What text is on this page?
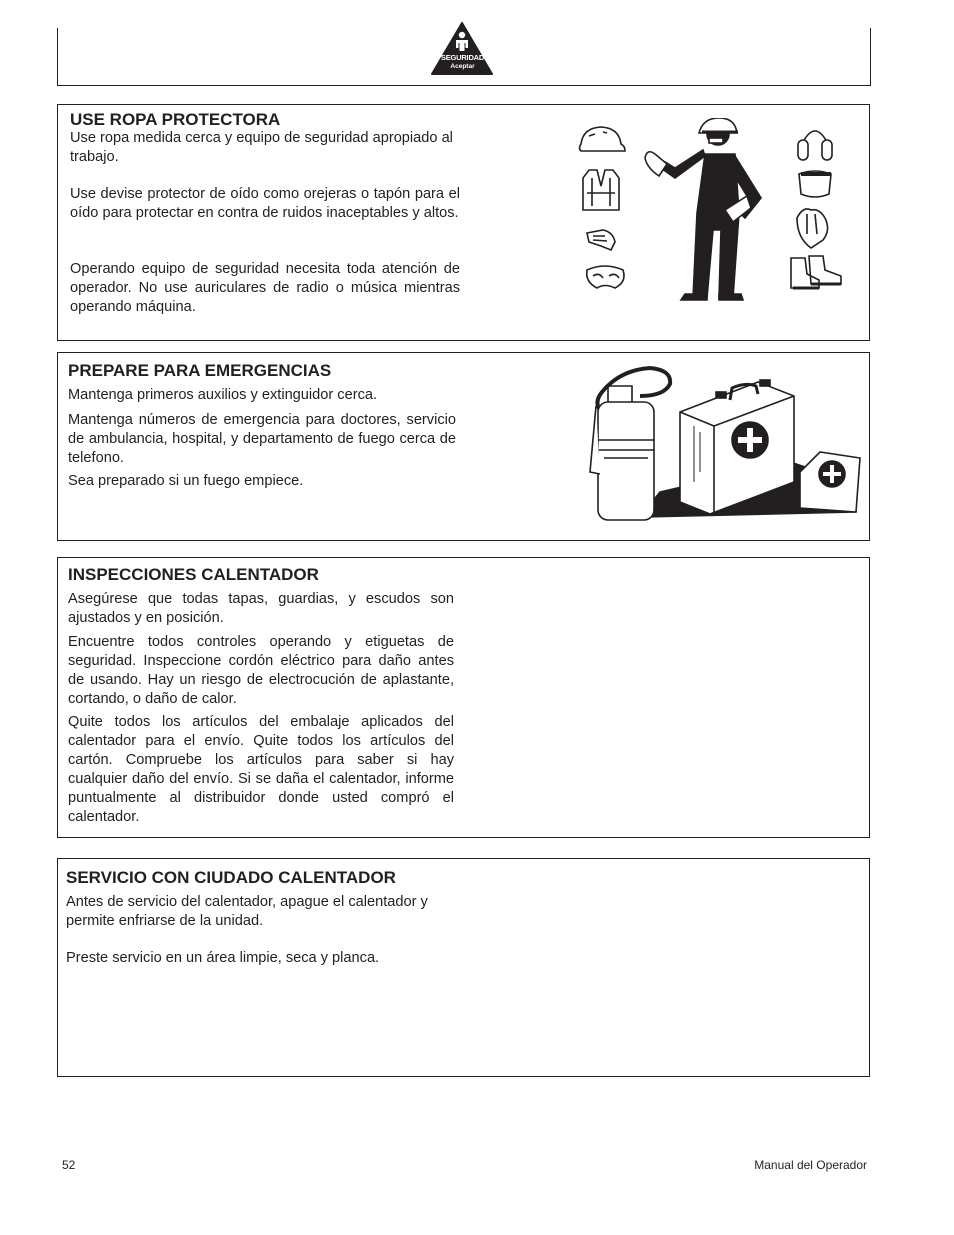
SEGURIDAD
Aceptar
USE ROPA PROTECTORA

Use ropa medida cerca y equipo de seguridad apropiado al trabajo.

Use devise protector de oído como orejeras o tapón para el oído para protectar en contra de ruidos inaceptables y altos.

Operando equipo de seguridad necesita toda atención de operador. No use auriculares de radio o música mientras operando máquina.

PREPARE PARA EMERGENCIAS

Mantenga primeros auxilios y extinguidor cerca.

Mantenga números de emergencia para doctores, servicio de ambulancia, hospital, y departamento de fuego cerca de telefono.

Sea preparado si un fuego empiece.

INSPECCIONES CALENTADOR

Asegúrese que todas tapas, guardias, y escudos son ajustados y en posición.

Encuentre todos controles operando y etiguetas de seguridad. Inspeccione cordón eléctrico para daño antes de usando. Hay un riesgo de electrocución de aplastante, cortando, o daño de calor.

Quite todos los artículos del embalaje aplicados del calentador para el envío. Quite todos los artículos del cartón. Compruebe los artículos para saber si hay cualquier daño del envío. Si se daña el calentador, informe puntualmente al distribuidor donde usted compró el calentador.

SERVICIO CON CIUDADO CALENTADOR

Antes de servicio del calentador, apague el calentador y permite enfriarse de la unidad.

Preste servicio en un área limpie, seca y planca.

52	Manual del Operador
